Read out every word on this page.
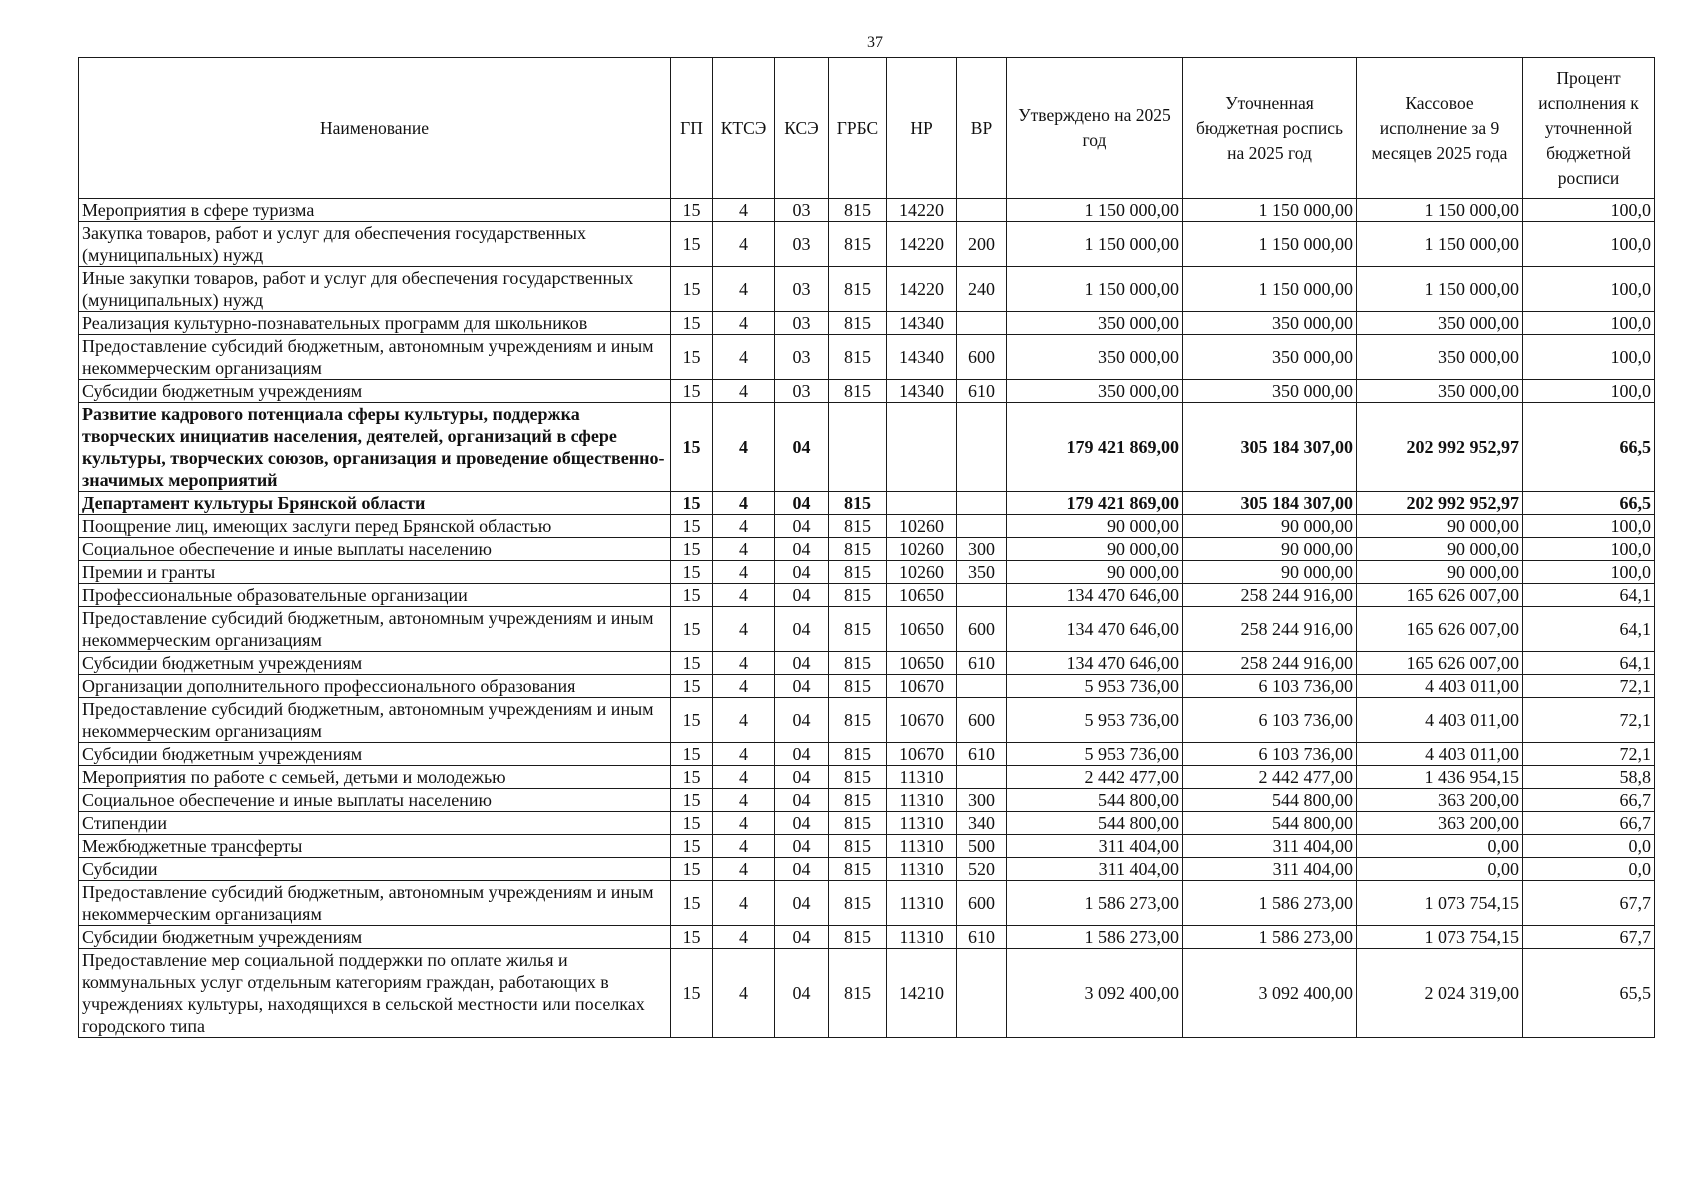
37
Наименование	ГП	КТСЭ	КСЭ	ГРБС	НР	ВР	Утверждено на 2025 год	Уточненная бюджетная роспись на 2025 год	Кассовое исполнение за 9 месяцев 2025 года	Процент исполнения к уточненной бюджетной росписи
Мероприятия в сфере туризма	15	4	03	815	14220		1 150 000,00	1 150 000,00	1 150 000,00	100,0
Закупка товаров, работ и услуг для обеспечения государственных (муниципальных) нужд	15	4	03	815	14220	200	1 150 000,00	1 150 000,00	1 150 000,00	100,0
Иные закупки товаров, работ и услуг для обеспечения государственных (муниципальных) нужд	15	4	03	815	14220	240	1 150 000,00	1 150 000,00	1 150 000,00	100,0
Реализация культурно-познавательных программ для школьников	15	4	03	815	14340		350 000,00	350 000,00	350 000,00	100,0
Предоставление субсидий бюджетным, автономным учреждениям и иным некоммерческим организациям	15	4	03	815	14340	600	350 000,00	350 000,00	350 000,00	100,0
Субсидии бюджетным учреждениям	15	4	03	815	14340	610	350 000,00	350 000,00	350 000,00	100,0
Развитие кадрового потенциала сферы культуры, поддержка творческих инициатив населения, деятелей, организаций в сфере культуры, творческих союзов, организация и проведение общественно-значимых мероприятий	15	4	04				179 421 869,00	305 184 307,00	202 992 952,97	66,5
Департамент культуры Брянской области	15	4	04	815			179 421 869,00	305 184 307,00	202 992 952,97	66,5
Поощрение лиц, имеющих заслуги перед Брянской областью	15	4	04	815	10260		90 000,00	90 000,00	90 000,00	100,0
Социальное обеспечение и иные выплаты населению	15	4	04	815	10260	300	90 000,00	90 000,00	90 000,00	100,0
Премии и гранты	15	4	04	815	10260	350	90 000,00	90 000,00	90 000,00	100,0
Профессиональные образовательные организации	15	4	04	815	10650		134 470 646,00	258 244 916,00	165 626 007,00	64,1
Предоставление субсидий бюджетным, автономным учреждениям и иным некоммерческим организациям	15	4	04	815	10650	600	134 470 646,00	258 244 916,00	165 626 007,00	64,1
Субсидии бюджетным учреждениям	15	4	04	815	10650	610	134 470 646,00	258 244 916,00	165 626 007,00	64,1
Организации дополнительного профессионального образования	15	4	04	815	10670		5 953 736,00	6 103 736,00	4 403 011,00	72,1
Предоставление субсидий бюджетным, автономным учреждениям и иным некоммерческим организациям	15	4	04	815	10670	600	5 953 736,00	6 103 736,00	4 403 011,00	72,1
Субсидии бюджетным учреждениям	15	4	04	815	10670	610	5 953 736,00	6 103 736,00	4 403 011,00	72,1
Мероприятия по работе с семьей, детьми и молодежью	15	4	04	815	11310		2 442 477,00	2 442 477,00	1 436 954,15	58,8
Социальное обеспечение и иные выплаты населению	15	4	04	815	11310	300	544 800,00	544 800,00	363 200,00	66,7
Стипендии	15	4	04	815	11310	340	544 800,00	544 800,00	363 200,00	66,7
Межбюджетные трансферты	15	4	04	815	11310	500	311 404,00	311 404,00	0,00	0,0
Субсидии	15	4	04	815	11310	520	311 404,00	311 404,00	0,00	0,0
Предоставление субсидий бюджетным, автономным учреждениям и иным некоммерческим организациям	15	4	04	815	11310	600	1 586 273,00	1 586 273,00	1 073 754,15	67,7
Субсидии бюджетным учреждениям	15	4	04	815	11310	610	1 586 273,00	1 586 273,00	1 073 754,15	67,7
Предоставление мер социальной поддержки по оплате жилья и коммунальных услуг отдельным категориям граждан, работающих в учреждениях культуры, находящихся в сельской местности или поселках городского типа	15	4	04	815	14210		3 092 400,00	3 092 400,00	2 024 319,00	65,5
